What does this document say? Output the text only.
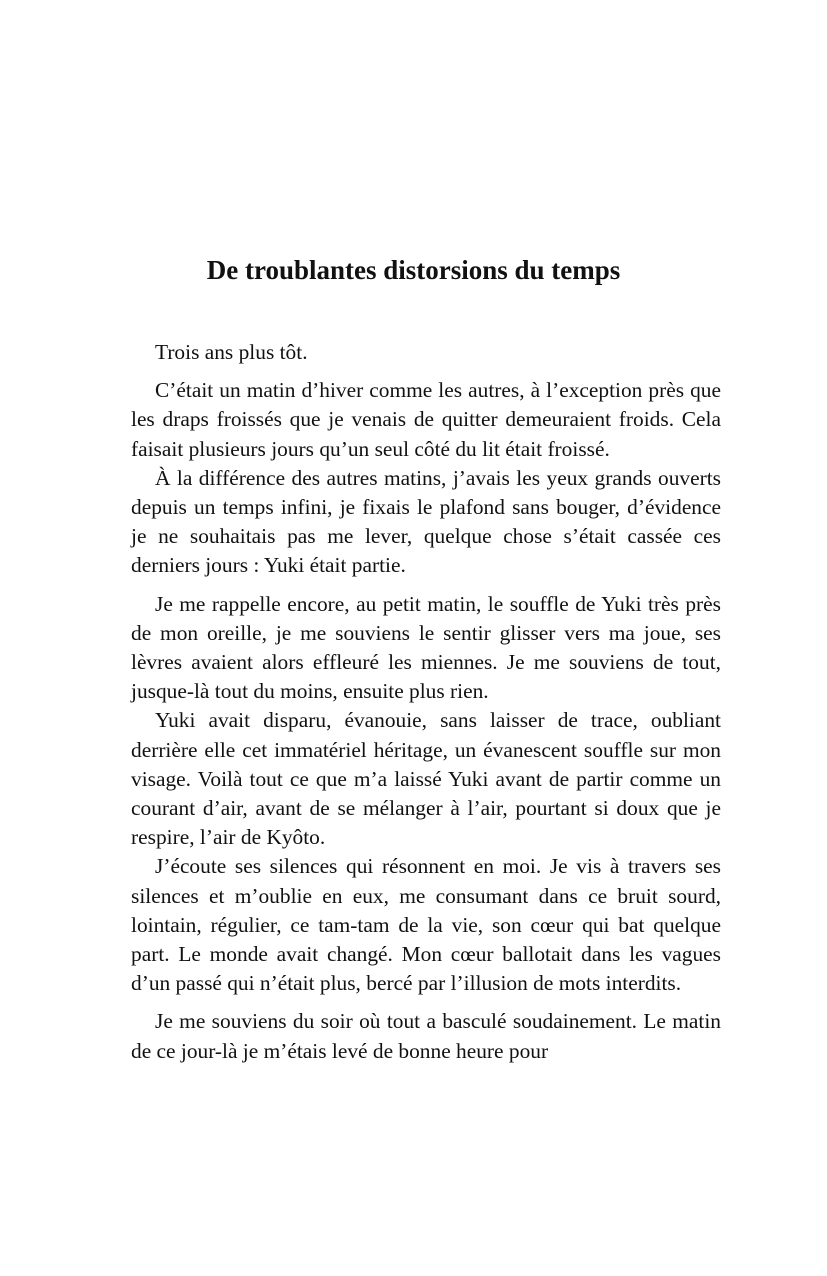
De troublantes distorsions du temps

Trois ans plus tôt.

C’était un matin d’hiver comme les autres, à l’exception près que les draps froissés que je venais de quitter demeuraient froids. Cela faisait plusieurs jours qu’un seul côté du lit était froissé.

À la différence des autres matins, j’avais les yeux grands ouverts depuis un temps infini, je fixais le plafond sans bouger, d’évidence je ne souhaitais pas me lever, quelque chose s’était cassée ces derniers jours : Yuki était partie.

Je me rappelle encore, au petit matin, le souffle de Yuki très près de mon oreille, je me souviens le sentir glisser vers ma joue, ses lèvres avaient alors effleuré les miennes. Je me souviens de tout, jusque-là tout du moins, ensuite plus rien.

Yuki avait disparu, évanouie, sans laisser de trace, oubliant derrière elle cet immatériel héritage, un évanescent souffle sur mon visage. Voilà tout ce que m’a laissé Yuki avant de partir comme un courant d’air, avant de se mélanger à l’air, pourtant si doux que je respire, l’air de Kyôto.

J’écoute ses silences qui résonnent en moi. Je vis à travers ses silences et m’oublie en eux, me consumant dans ce bruit sourd, lointain, régulier, ce tam-tam de la vie, son cœur qui bat quelque part. Le monde avait changé. Mon cœur ballotait dans les vagues d’un passé qui n’était plus, bercé par l’illusion de mots interdits.

Je me souviens du soir où tout a basculé soudainement. Le matin de ce jour-là je m’étais levé de bonne heure pour
